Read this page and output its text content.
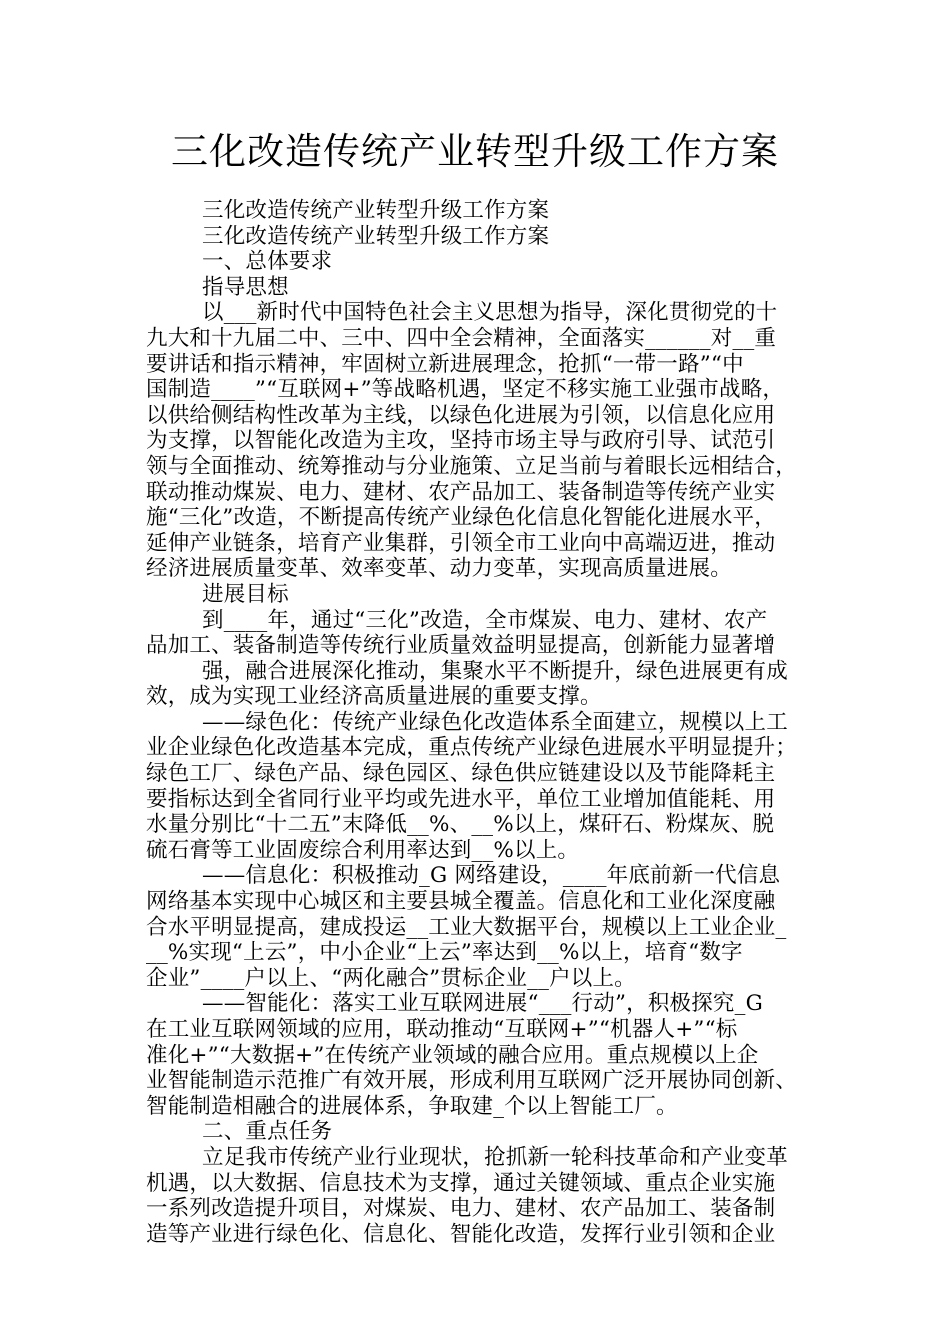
三化改造传统产业转型升级工作方案
三化改造传统产业转型升级工作方案
三化改造传统产业转型升级工作方案
一、总体要求
指导思想
以___新时代中国特色社会主义思想为指导，深化贯彻党的十
九大和十九届二中、三中、四中全会精神，全面落实______对__重
要讲话和指示精神，牢固树立新进展理念，抢抓“一带一路”“中
国制造____”“互联网+”等战略机遇，坚定不移实施工业强市战略，
以供给侧结构性改革为主线，以绿色化进展为引领，以信息化应用
为支撑，以智能化改造为主攻，坚持市场主导与政府引导、试范引
领与全面推动、统筹推动与分业施策、立足当前与着眼长远相结合，
联动推动煤炭、电力、建材、农产品加工、装备制造等传统产业实
施“三化”改造，不断提高传统产业绿色化信息化智能化进展水平，
延伸产业链条，培育产业集群，引领全市工业向中高端迈进，推动
经济进展质量变革、效率变革、动力变革，实现高质量进展。
进展目标
到____年，通过“三化”改造，全市煤炭、电力、建材、农产
品加工、装备制造等传统行业质量效益明显提高，创新能力显著增
强，融合进展深化推动，集聚水平不断提升，绿色进展更有成
效，成为实现工业经济高质量进展的重要支撑。
——绿色化：传统产业绿色化改造体系全面建立，规模以上工
业企业绿色化改造基本完成，重点传统产业绿色进展水平明显提升；
绿色工厂、绿色产品、绿色园区、绿色供应链建设以及节能降耗主
要指标达到全省同行业平均或先进水平，单位工业增加值能耗、用
水量分别比“十二五”末降低__%、__%以上，煤矸石、粉煤灰、脱
硫石膏等工业固废综合利用率达到__%以上。
——信息化：积极推动_G 网络建设，____年底前新一代信息
网络基本实现中心城区和主要县城全覆盖。信息化和工业化深度融
合水平明显提高，建成投运__工业大数据平台，规模以上工业企业_
__%实现“上云”，中小企业“上云”率达到__%以上，培育“数字
企业”____户以上、“两化融合”贯标企业__户以上。
——智能化：落实工业互联网进展“___行动”，积极探究_G
在工业互联网领域的应用，联动推动“互联网+”“机器人+”“标
准化+”“大数据+”在传统产业领域的融合应用。重点规模以上企
业智能制造示范推广有效开展，形成利用互联网广泛开展协同创新、
智能制造相融合的进展体系，争取建_个以上智能工厂。
二、重点任务
立足我市传统产业行业现状，抢抓新一轮科技革命和产业变革
机遇，以大数据、信息技术为支撑，通过关键领域、重点企业实施
一系列改造提升项目，对煤炭、电力、建材、农产品加工、装备制
造等产业进行绿色化、信息化、智能化改造，发挥行业引领和企业
